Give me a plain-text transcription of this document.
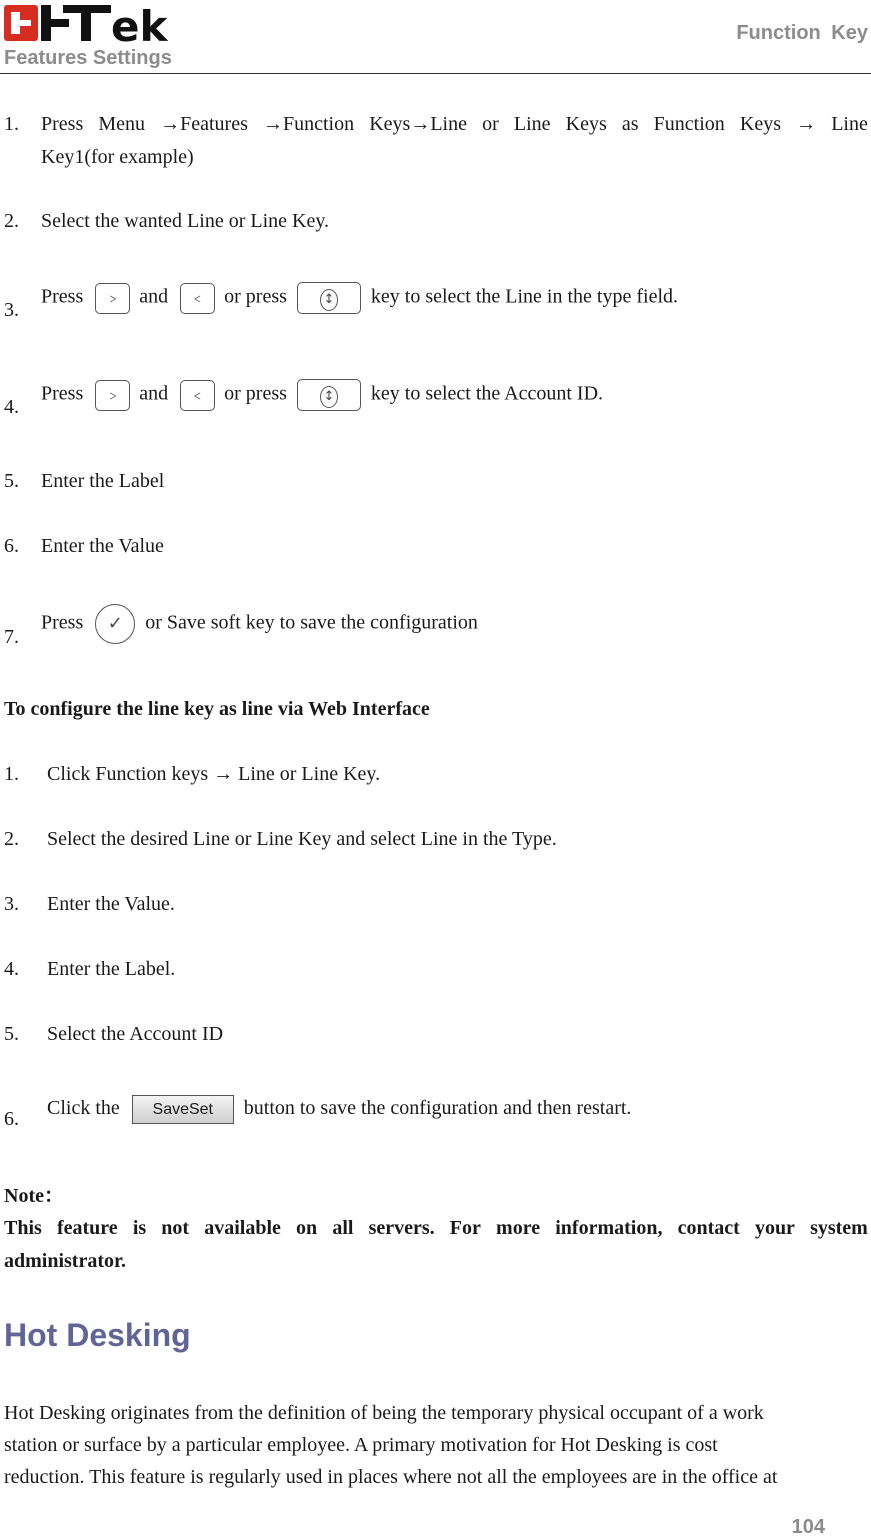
ek
Features Settings
Function Key
1. Press Menu →Features →Function Keys→Line or Line Keys as Function Keys → Line
Key1(for example)
2. Select the wanted Line or Line Key.
3.
Press ﹥ and ﹤ or press	↕ key to select the Line in the type field.
4.
Press ﹥ and ﹤ or press	↕ key to select the Account ID.
5. Enter the Label
6. Enter the Value
7.
Press ✓ or Save soft key to save the configuration
To configure the line key as line via Web Interface
1. Click Function keys → Line or Line Key.
2. Select the desired Line or Line Key and select Line in the Type.
3. Enter the Value.
4. Enter the Label.
5. Select the Account ID
6. Click the SaveSet button to save the configuration and then restart.
Note：
This feature is not available on all servers. For more information, contact your system
administrator.
Hot Desking
Hot Desking originates from the definition of being the temporary physical occupant of a work
station or surface by a particular employee. A primary motivation for Hot Desking is cost
reduction. This feature is regularly used in places where not all the employees are in the office at
104
